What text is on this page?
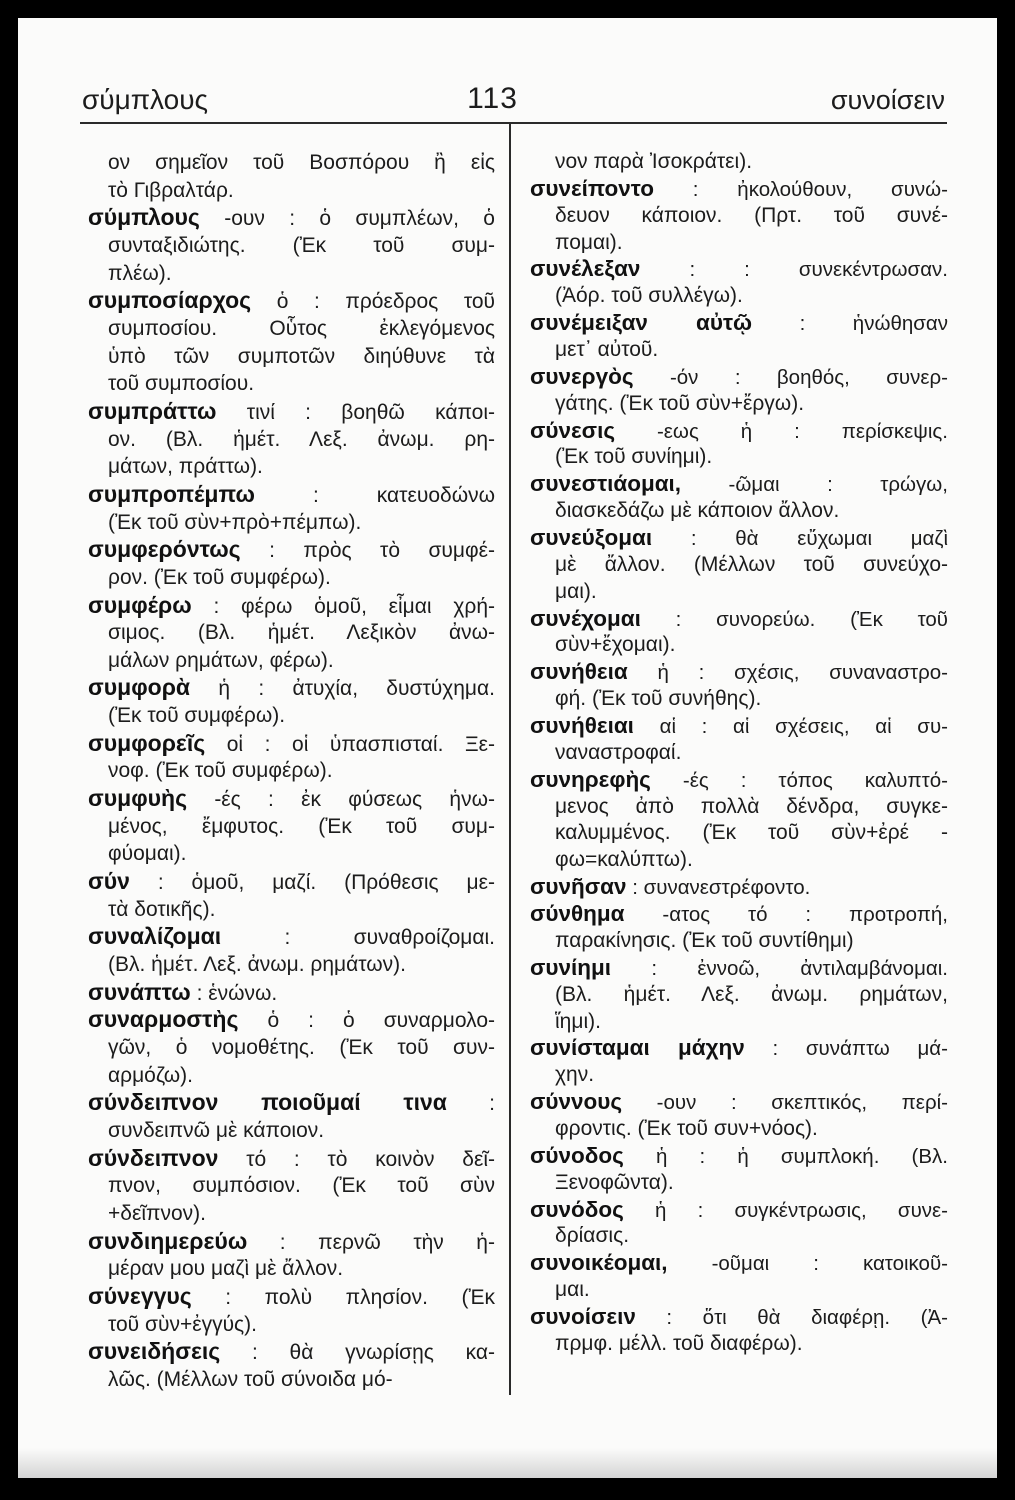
σύμπλους	113	συνοίσειν
ον σημεῖον τοῦ Βοσπόρου ἢ εἰς
τὸ Γιβραλτάρ.
σύμπλους -ουν : ὁ συμπλέων, ὁ
συνταξιδιώτης. (Ἐκ τοῦ συμ-
πλέω).
συμποσίαρχος ὁ : πρόεδρος τοῦ
συμποσίου. Οὗτος ἐκλεγόμενος
ὑπὸ τῶν συμποτῶν διηύθυνε τὰ
τοῦ συμποσίου.
συμπράττω τινί : βοηθῶ κάποι-
ον. (Βλ. ἡμέτ. Λεξ. ἀνωμ. ρη-
μάτων, πράττω).
συμπροπέμπω	: κατευοδώνω
(Ἐκ τοῦ σὺν+πρὸ+πέμπω).
συμφερόντως : πρὸς τὸ συμφέ-
ρον. (Ἐκ τοῦ συμφέρω).
συμφέρω : φέρω ὁμοῦ, εἶμαι χρή-
σιμος. (Βλ. ἡμέτ. Λεξικὸν ἀνω-
μάλων ρημάτων, φέρω).
συμφορὰ ἡ : ἀτυχία, δυστύχημα.
(Ἐκ τοῦ συμφέρω).
συμφορεῖς οἱ : οἱ ὑπασπισταί. Ξε-
νοφ. (Ἐκ τοῦ συμφέρω).
συμφυὴς -ές : ἐκ φύσεως ἡνω-
μένος, ἔμφυτος. (Ἐκ τοῦ συμ-
φύομαι).
σύν : ὁμοῦ, μαζί. (Πρόθεσις με-
τὰ δοτικῆς).
συναλίζομαι	: συναθροίζομαι.
(Βλ. ἡμέτ. Λεξ. ἀνωμ. ρημάτων).
συνάπτω : ἑνώνω.
συναρμοστὴς ὁ : ὁ συναρμολο-
γῶν, ὁ νομοθέτης. (Ἐκ τοῦ συν-
αρμόζω).
σύνδειπνον ποιοῦμαί τινα :
συνδειπνῶ μὲ κάποιον.
σύνδειπνον τό : τὸ κοινὸν δεῖ-
πνον, συμπόσιον. (Ἐκ τοῦ σὺν
+δεῖπνον).
συνδιημερεύω : περνῶ τὴν ἡ-
μέραν μου μαζὶ μὲ ἄλλον.
σύνεγγυς : πολὺ πλησίον. (Ἐκ
τοῦ σὺν+ἐγγύς).
συνειδήσεις : θὰ γνωρίσῃς κα-
λῶς. (Μέλλων τοῦ σύνοιδα μό-
νον παρὰ Ἰσοκράτει).
συνείποντο : ἠκολούθουν, συνώ-
δευον κάποιον. (Πρτ. τοῦ συνέ-
πομαι).
συνέλεξαν : : συνεκέντρωσαν.
(Ἀόρ. τοῦ συλλέγω).
συνέμειξαν αὐτῷ : ἡνώθησαν
μετ᾽ αὐτοῦ.
συνεργὸς -όν : βοηθός, συνερ-
γάτης. (Ἐκ τοῦ σὺν+ἔργω).
σύνεσις -εως ἡ : περίσκεψις.
(Ἐκ τοῦ συνίημι).
συνεστιάομαι, -ῶμαι : τρώγω,
διασκεδάζω μὲ κάποιον ἄλλον.
συνεύξομαι : θὰ εὔχωμαι μαζὶ
μὲ ἄλλον. (Μέλλων τοῦ συνεύχο-
μαι).
συνέχομαι : συνορεύω. (Ἐκ τοῦ
σὺν+ἔχομαι).
συνήθεια ἡ : σχέσις, συναναστρο-
φή. (Ἐκ τοῦ συνήθης).
συνήθειαι αἱ : αἱ σχέσεις, αἱ συ-
ναναστροφαί.
συνηρεφὴς -ές : τόπος καλυπτό-
μενος ἀπὸ πολλὰ δένδρα, συγκε-
καλυμμένος. (Ἐκ τοῦ σὺν+ἐρέ -
φω=καλύπτω).
συνῆσαν : συνανεστρέφοντο.
σύνθημα -ατος τό : προτροπή,
παρακίνησις. (Ἐκ τοῦ συντίθημι)
συνίημι : ἐννοῶ, ἀντιλαμβάνομαι.
(Βλ. ἡμέτ. Λεξ. ἀνωμ. ρημάτων,
ἵημι).
συνίσταμαι μάχην : συνάπτω μά-
χην.
σύννους -ουν : σκεπτικός, περί-
φροντις. (Ἐκ τοῦ συν+νόος).
σύνοδος ἡ : ἡ συμπλοκή. (Βλ.
Ξενοφῶντα).
συνόδος ἡ : συγκέντρωσις, συνε-
δρίασις.
συνοικέομαι, -οῦμαι : κατοικοῦ-
μαι.
συνοίσειν : ὅτι θὰ διαφέρῃ. (Ἀ-
πρμφ. μέλλ. τοῦ διαφέρω).
